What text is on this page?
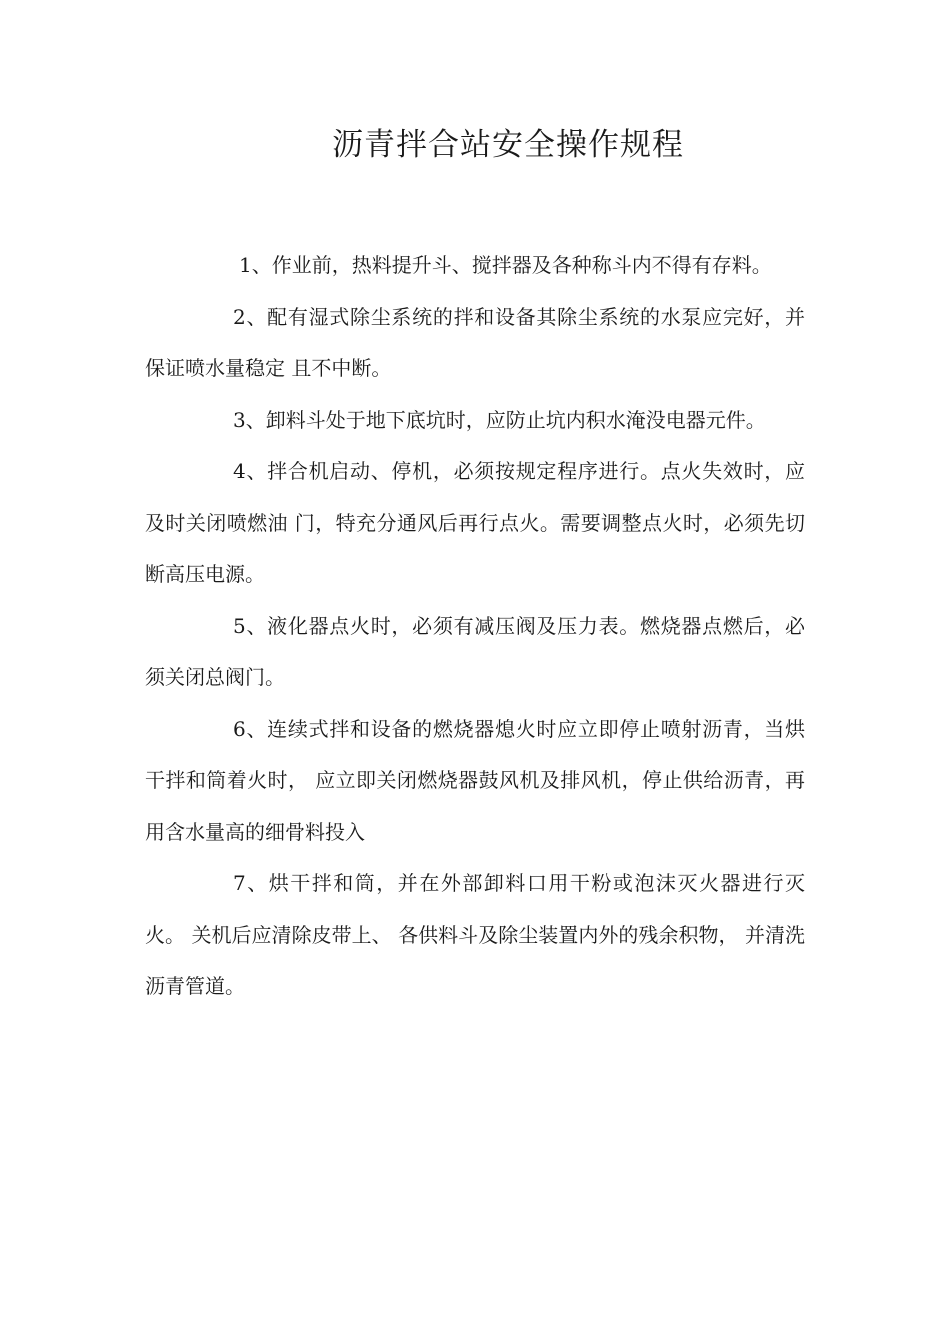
沥青拌合站安全操作规程

1、作业前，热料提升斗、搅拌器及各种称斗内不得有存料。

2、配有湿式除尘系统的拌和设备其除尘系统的水泵应完好，并保证喷水量稳定 且不中断。

3、卸料斗处于地下底坑时，应防止坑内积水淹没电器元件。

4、拌合机启动、停机，必须按规定程序进行。点火失效时，应及时关闭喷燃油 门，特充分通风后再行点火。需要调整点火时，必须先切断高压电源。

5、液化器点火时，必须有减压阀及压力表。燃烧器点燃后，必须关闭总阀门。

6、连续式拌和设备的燃烧器熄火时应立即停止喷射沥青，当烘干拌和筒着火时， 应立即关闭燃烧器鼓风机及排风机，停止供给沥青，再用含水量高的细骨料投入

7、烘干拌和筒，并在外部卸料口用干粉或泡沫灭火器进行灭火。 关机后应清除皮带上、 各供料斗及除尘装置内外的残余积物， 并清洗沥青管道。
